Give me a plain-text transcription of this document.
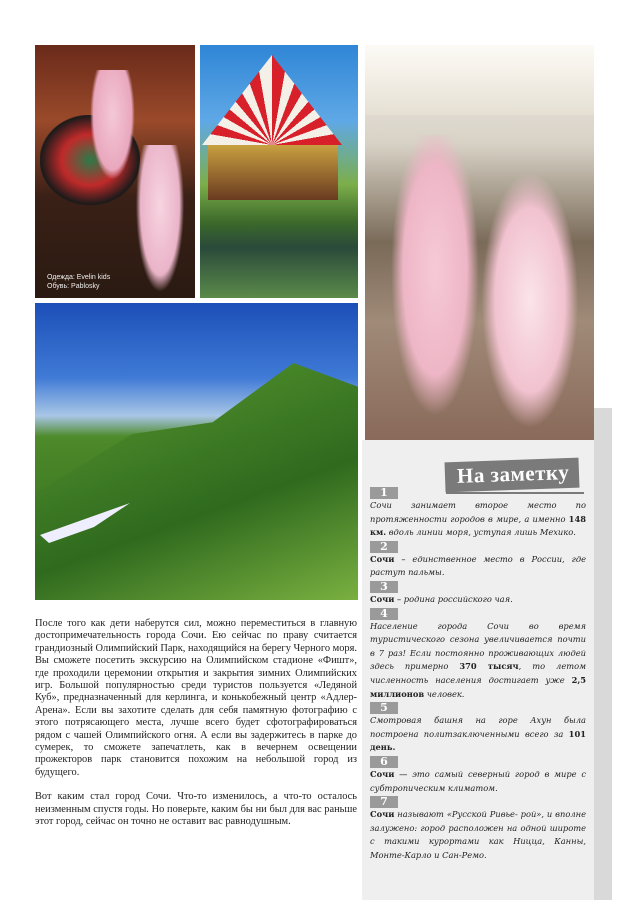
Одежда: Evelin kids
Обувь: Pablosky
На заметку
1

Сочи занимает второе место по протяженности городов в мире, а именно 148 км. вдоль линии моря, уступая лишь Мехико.

2

Сочи – единственное место в России, где растут пальмы.

3

Сочи – родина российского чая.

4

Население города Сочи во время туристического сезона увеличивается почти в 7 раз! Если постоянно проживающих людей здесь примерно 370 тысяч, то летом численность населения достигает уже 2,5 миллионов человек.

5

Смотровая башня на горе Ахун была построена политзаключенными всего за 101 день.

6

Сочи — это самый северный город в мире с субтропическим климатом.

7

Сочи называют «Русской Ривье- рой», и вполне залужено: город расположен на одной широте с такими курортами как Ницца, Канны, Монте-Карло и Сан-Ремо.

После того как дети наберутся сил, можно переместиться в главную достопримечательность города Сочи. Ею сейчас по праву считается грандиозный Олимпийский Парк, находящийся на берегу Черного моря. Вы сможете посетить экскурсию на Олимпийском стадионе «Фишт», где проходили церемонии открытия и закрытия зимних Олимпийских игр. Большой популярностью среди туристов пользуется «Ледяной Куб», предназначенный для керлинга, и конькобежный центр «Адлер-Арена». Если вы захотите сделать для себя памятную фотографию с этого потрясающего места, лучше всего будет сфотографироваться рядом с чашей Олимпийского огня. А если вы задержитесь в парке до сумерек, то сможете запечатлеть, как в вечернем освещении прожекторов парк становится похожим на небольшой город из будущего.

Вот каким стал город Сочи. Что-то изменилось, а что-то осталось неизменным спустя годы. Но поверьте, каким бы ни был для вас раньше этот город, сейчас он точно не оставит вас равнодушным.
